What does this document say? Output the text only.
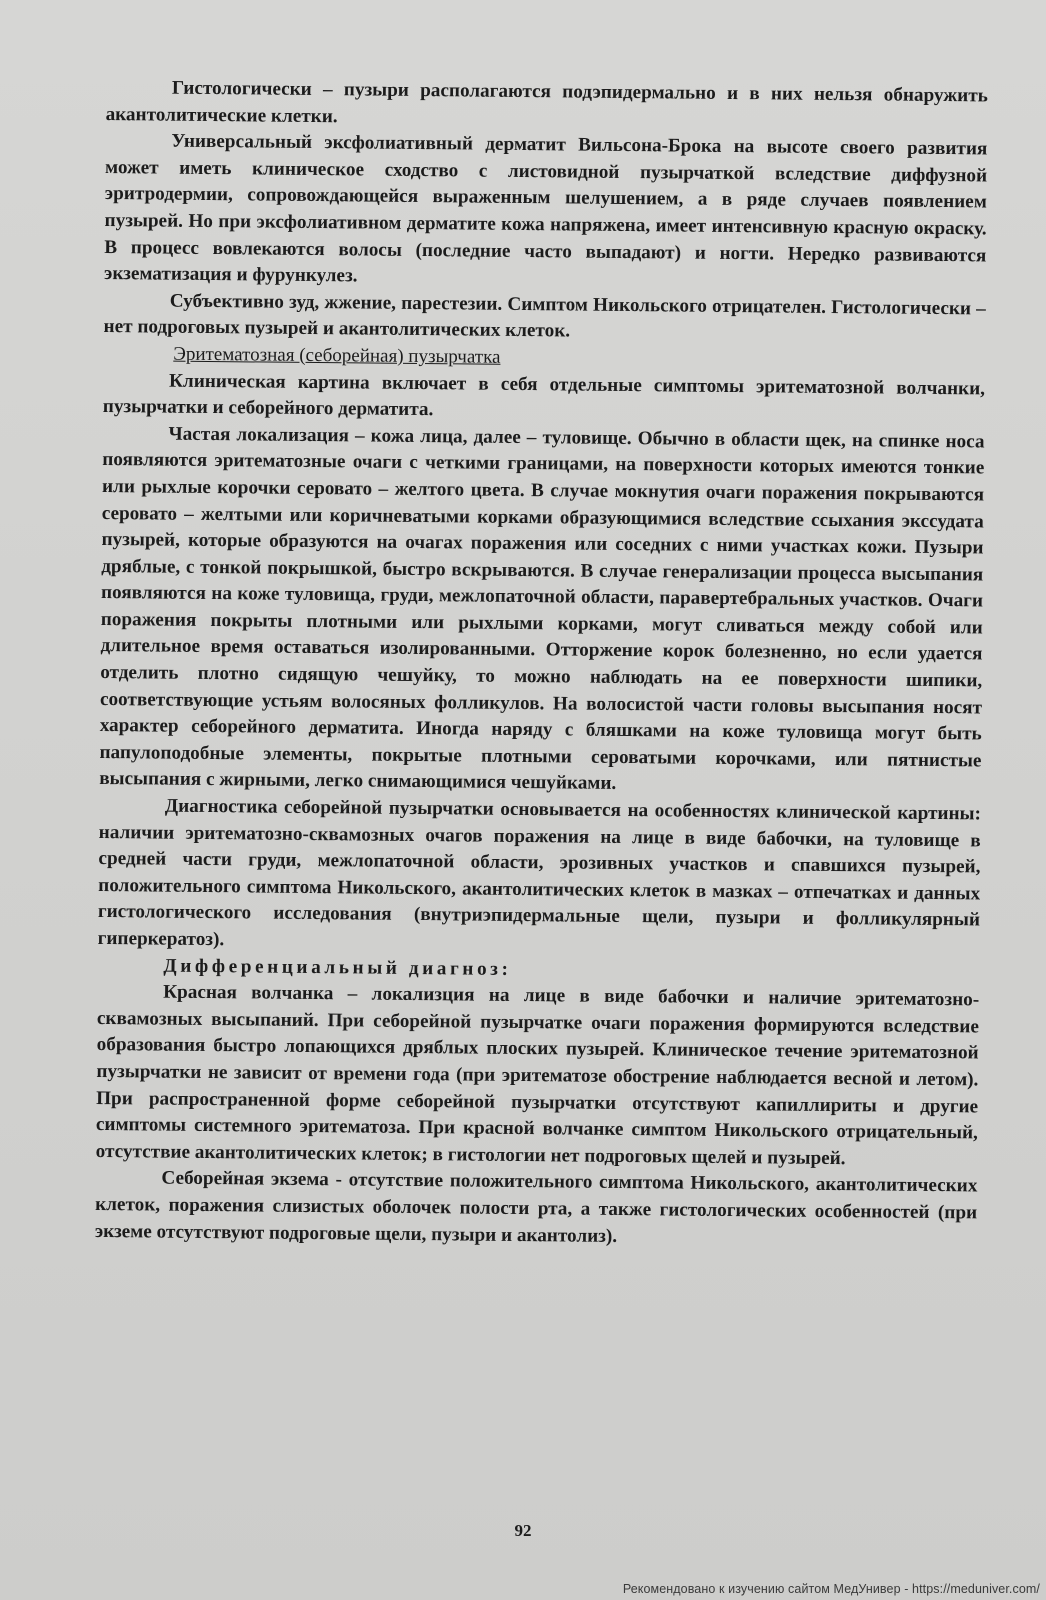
Гистологически – пузыри располагаются подэпидермально и в них нельзя обнаружить акантолитические клетки.

Универсальный эксфолиативный дерматит Вильсона-Брока на высоте своего развития может иметь клиническое сходство с листовидной пузырчаткой вследствие диффузной эритродермии, сопровождающейся выраженным шелушением, а в ряде случаев появлением пузырей. Но при эксфолиативном дерматите кожа напряжена, имеет интенсивную красную окраску. В процесс вовлекаются волосы (последние часто выпадают) и ногти. Нередко развиваются экзематизация и фурункулез.

Субъективно зуд, жжение, парестезии. Симптом Никольского отрицателен. Гистологически – нет подроговых пузырей и акантолитических клеток.

Эритематозная (себорейная) пузырчатка

Клиническая картина включает в себя отдельные симптомы эритематозной волчанки, пузырчатки и себорейного дерматита.

Частая локализация – кожа лица, далее – туловище. Обычно в области щек, на спинке носа появляются эритематозные очаги с четкими границами, на поверхности которых имеются тонкие или рыхлые корочки серовато – желтого цвета. В случае мокнутия очаги поражения покрываются серовато – желтыми или коричневатыми корками образующимися вследствие ссыхания экссудата пузырей, которые образуются на очагах поражения или соседних с ними участках кожи. Пузыри дряблые, с тонкой покрышкой, быстро вскрываются. В случае генерализации процесса высыпания появляются на коже туловища, груди, межлопаточной области, паравертебральных участков. Очаги поражения покрыты плотными или рыхлыми корками, могут сливаться между собой или длительное время оставаться изолированными. Отторжение корок болезненно, но если удается отделить плотно сидящую чешуйку, то можно наблюдать на ее поверхности шипики, соответствующие устьям волосяных фолликулов. На волосистой части головы высыпания носят характер себорейного дерматита. Иногда наряду с бляшками на коже туловища могут быть папулоподобные элементы, покрытые плотными сероватыми корочками, или пятнистые высыпания с жирными, легко снимающимися чешуйками.

Диагностика себорейной пузырчатки основывается на особенностях клинической картины: наличии эритематозно-сквамозных очагов поражения на лице в виде бабочки, на туловище в средней части груди, межлопаточной области, эрозивных участков и спавшихся пузырей, положительного симптома Никольского, акантолитических клеток в мазках – отпечатках и данных гистологического исследования (внутриэпидермальные щели, пузыри и фолликулярный гиперкератоз).

Дифференциальный диагноз:

Красная волчанка – локализция на лице в виде бабочки и наличие эритематозно-сквамозных высыпаний. При себорейной пузырчатке очаги поражения формируются вследствие образования быстро лопающихся дряблых плоских пузырей. Клиническое течение эритематозной пузырчатки не зависит от времени года (при эритематозе обострение наблюдается весной и летом). При распространенной форме себорейной пузырчатки отсутствуют капиллириты и другие симптомы системного эритематоза. При красной волчанке симптом Никольского отрицательный, отсутствие акантолитических клеток; в гистологии нет подроговых щелей и пузырей.

Себорейная экзема - отсутствие положительного симптома Никольского, акантолитических клеток, поражения слизистых оболочек полости рта, а также гистологических особенностей (при экземе отсутствуют подроговые щели, пузыри и акантолиз).

92
Рекомендовано к изучению сайтом МедУнивер - https://meduniver.com/
